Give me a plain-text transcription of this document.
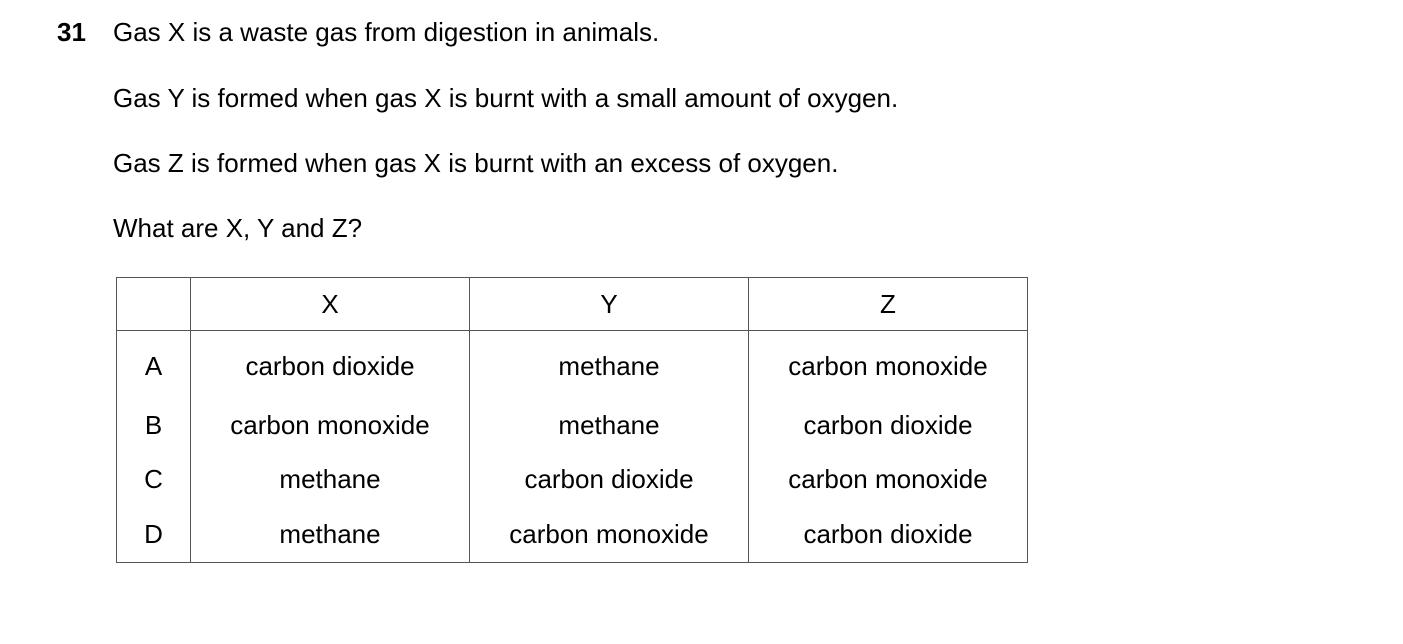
31 Gas X is a waste gas from digestion in animals.
Gas Y is formed when gas X is burnt with a small amount of oxygen.
Gas Z is formed when gas X is burnt with an excess of oxygen.
What are X, Y and Z?
	X	Y	Z
A	carbon dioxide	methane	carbon monoxide
B	carbon monoxide	methane	carbon dioxide
C	methane	carbon dioxide	carbon monoxide
D	methane	carbon monoxide	carbon dioxide
